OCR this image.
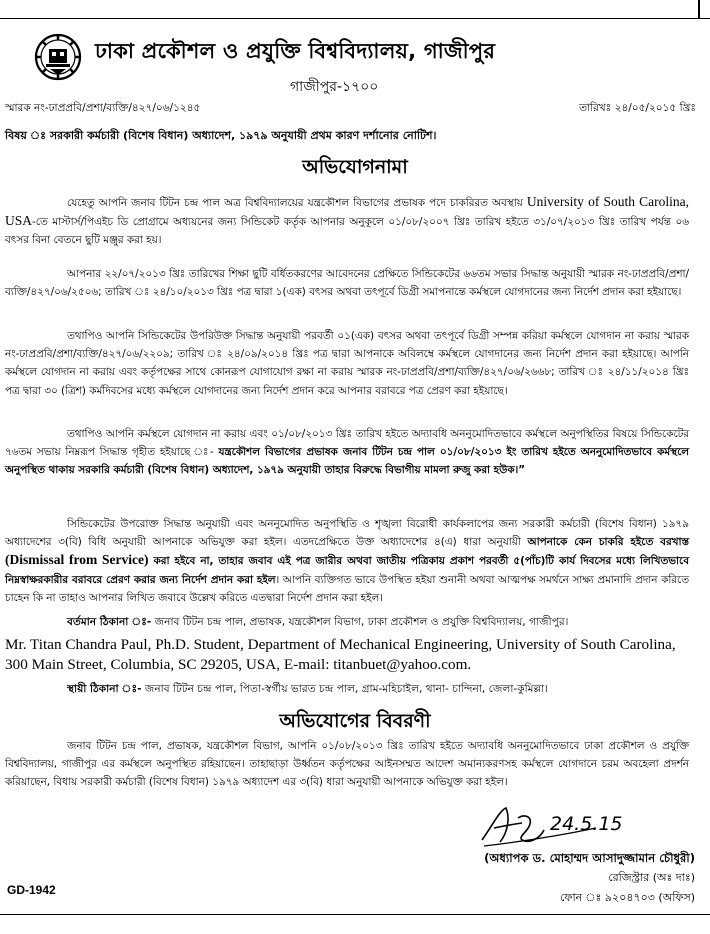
ঢাকা প্রকৌশল ও প্রযুক্তি বিশ্ববিদ্যালয়, গাজীপুর
গাজীপুর-১৭০০
স্মারক নং-ঢাপ্রপ্রবি/প্রশা/ব্যক্তি/৪২৭/০৬/১২৪৫	তারিখঃ ২৪/০৫/২০১৫ খ্রিঃ
বিষয় ঃ সরকারী কর্মচারী (বিশেষ বিধান) অধ্যাদেশ, ১৯৭৯ অনুযায়ী প্রথম কারণ দর্শানোর নোটিশ।
অভিযোগনামা

যেহেতু আপনি জনাব টিটন চন্দ্র পাল অত্র বিশ্ববিদ্যালয়ের যন্ত্রকৌশল বিভাগের প্রভাষক পদে চাকরিরত অবস্থায় University of South Carolina, USA-তে মাস্টার্স/পিএইচ ডি প্রোগ্রামে অধ্যয়নের জন্য সিন্ডিকেট কর্তৃক আপনার অনুকূলে ০১/০৮/২০০৭ খ্রিঃ তারিখ হইতে ৩১/০৭/২০১৩ খ্রিঃ তারিখ পর্যন্ত ০৬ বৎসর বিনা বেতনে ছুটি মঞ্জুর করা হয়।

আপনার ২২/০৭/২০১৩ খ্রিঃ তারিখের শিক্ষা ছুটি বর্ধিতকরণের আবেদনের প্রেক্ষিতে সিন্ডিকেটের ৬৬তম সভার সিদ্ধান্ত অনুযায়ী স্মারক নং-ঢাপ্রপ্রবি/প্রশা/ব্যক্তি/৪২৭/০৬/২৫০৬; তারিখ ঃ ২৪/১০/২০১৩ খ্রিঃ পত্র দ্বারা ১(এক) বৎসর অথবা তৎপূর্বে ডিগ্রী সমাপনান্তে কর্মস্থলে যোগদানের জন্য নির্দেশ প্রদান করা হইয়াছে।

তথাপিও আপনি সিন্ডিকেটের উপরিউক্ত সিদ্ধান্ত অনুযায়ী পরবর্তী ০১(এক) বৎসর অথবা তৎপূর্বে ডিগ্রী সম্পন্ন করিয়া কর্মস্থলে যোগদান না করায় স্মারক নং-ঢাপ্রপ্রবি/প্রশা/ব্যক্তি/৪২৭/০৬/২২০৯; তারিখ ঃ ২৪/০৯/২০১৪ খ্রিঃ পত্র দ্বারা আপনাকে অবিলম্বে কর্মস্থলে যোগদানের জন্য নির্দেশ প্রদান করা হইয়াছে। আপনি কর্মস্থলে যোগদান না করায় এবং কর্তৃপক্ষের সাথে কোনরূপ যোগাযোগ রক্ষা না করায় স্মারক নং-ঢাপ্রপ্রবি/প্রশা/ব্যক্তি/৪২৭/০৬/২৬৬৮; তারিখ ঃ ২৪/১১/২০১৪ খ্রিঃ পত্র দ্বারা ৩০ (ত্রিশ) কর্মদিবসের মধ্যে কর্মস্থলে যোগদানের জন্য নির্দেশ প্রদান করে আপনার বরাবরে পত্র প্রেরণ করা হইয়াছে।

তথাপিও আপনি কর্মস্থলে যোগদান না করায় এবং ০১/০৮/২০১৩ খ্রিঃ তারিখ হইতে অদ্যাবধি অননুমোদিতভাবে কর্মস্থলে অনুপস্থিতির বিষয়ে সিন্ডিকেটের ৭৬তম সভায় নিম্নরূপ সিদ্ধান্ত গৃহীত হইয়াছে ঃ- যন্ত্রকৌশল বিভাগের প্রভাষক জনাব টিটন চন্দ্র পাল ০১/০৮/২০১৩ ইং তারিখ হইতে অননুমোদিতভাবে কর্মস্থলে অনুপস্থিত থাকায় সরকারি কর্মচারী (বিশেষ বিধান) অধ্যাদেশ, ১৯৭৯ অনুযায়ী তাহার বিরুদ্ধে বিভাগীয় মামলা রুজু করা হউক।”

সিন্ডিকেটের উপরোক্ত সিদ্ধান্ত অনুযায়ী এবং অননুমোদিত অনুপস্থিতি ও শৃঙ্খলা বিরোধী কার্যকলাপের জন্য সরকারী কর্মচারী (বিশেষ বিধান) ১৯৭৯ অধ্যাদেশের ৩(বি) বিধি অনুযায়ী আপনাকে অভিযুক্ত করা হইল। এতদপ্রেক্ষিতে উক্ত অধ্যাদেশের ৪(এ) ধারা অনুযায়ী আপনাকে কেন চাকরি হইতে বরখাস্ত (Dismissal from Service) করা হইবে না, তাহার জবাব এই পত্র জারীর অথবা জাতীয় পত্রিকায় প্রকাশ পরবর্তী ৫(পাঁচ)টি কার্য দিবসের মধ্যে লিখিতভাবে নিম্নস্বাক্ষরকারীর বরাবরে প্রেরণ করার জন্য নির্দেশ প্রদান করা হইল। আপনি ব্যক্তিগত ভাবে উপস্থিত হইয়া শুনানী অথবা আত্মপক্ষ সমর্থনে সাক্ষ্য প্রমানাদি প্রদান করিতে চাহেন কি না তাহাও আপনার লিখিত জবাবে উল্লেখ করিতে এতদ্বারা নির্দেশ প্রদান করা হইল।

বর্তমান ঠিকানা ঃ- জনাব টিটন চন্দ্র পাল, প্রভাষক, যন্ত্রকৌশল বিভাগ, ঢাকা প্রকৌশল ও প্রযুক্তি বিশ্ববিদ্যালয়, গাজীপুর।

Mr. Titan Chandra Paul, Ph.D. Student, Department of Mechanical Engineering, University of South Carolina, 300 Main Street, Columbia, SC 29205, USA, E-mail: titanbuet@yahoo.com.

স্থায়ী ঠিকানা ঃ- জনাব টিটন চন্দ্র পাল, পিতা-স্বর্গীয় ভারত চন্দ্র পাল, গ্রাম-মহিচাইল, থানা- চান্দিনা, জেলা-কুমিল্লা।

অভিযোগের বিবরণী

জনাব টিটন চন্দ্র পাল, প্রভাষক, যন্ত্রকৌশল বিভাগ, আপনি ০১/০৮/২০১৩ খ্রিঃ তারিখ হইতে অদ্যাবধি অননুমোদিতভাবে ঢাকা প্রকৌশল ও প্রযুক্তি বিশ্ববিদ্যালয়, গাজীপুর এর কর্মস্থলে অনুপস্থিত রহিয়াছেন। তাহাছাড়া উর্ধ্বতন কর্তৃপক্ষের আইনসম্মত আদেশ অমান্যকরণসহ কর্মস্থলে যোগদানে চরম অবহেলা প্রদর্শন করিয়াছেন, বিধায় সরকারী কর্মচারী (বিশেষ বিধান) ১৯৭৯ অধ্যাদেশ এর ৩(বি) ধারা অনুযায়ী আপনাকে অভিযুক্ত করা হইল।

24.5.15
(অধ্যাপক ড. মোহাম্মদ আসাদুজ্জামান চৌধুরী)
রেজিস্ট্রার (অঃ দাঃ)
ফোন ঃ ৯২০৪৭০৩ (অফিস)
GD-1942
